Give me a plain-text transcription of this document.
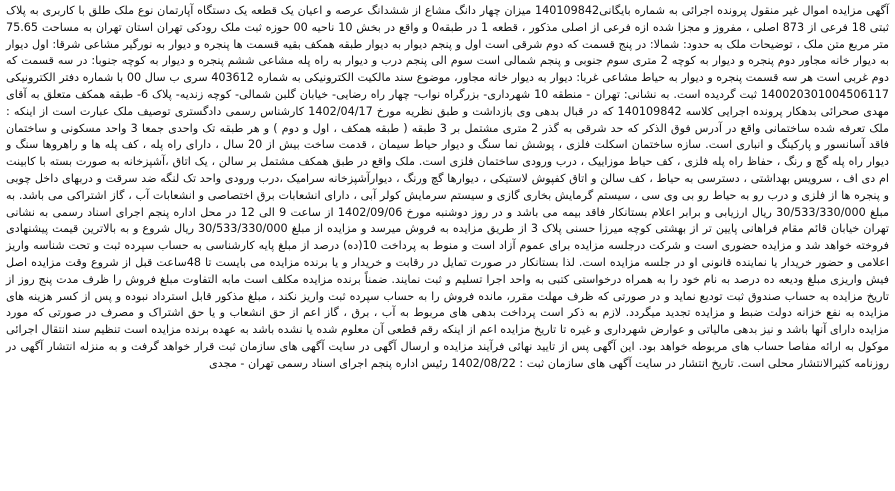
آگهی مزایده اموال غیر منقول پرونده اجرائی به شماره بایگانی140109842 میزان چهار دانگ مشاع از ششدانگ عرصه و اعیان یک قطعه یک دستگاه آپارتمان نوع ملک طلق با کاربری به پلاک ثبتی 18 فرعی از 873 اصلی ، مفروز و مجزا شده ازه فرعی از اصلی مذکور ، قطعه 1 در طبقه0 و واقع در بخش 10 ناحیه 00 حوزه ثبت ملک رودکی تهران استان تهران به مساحت 75.65 متر مربع متن ملک ، توضیحات ملک به حدود: شمالا: در پنج قسمت که دوم شرقی است اول و پنجم دیوار به دیوار طبقه همکف بقیه قسمت ها پنجره و دیوار به نورگیر مشاعی شرقا: اول دیوار به دیوار خانه مجاور دوم پنجره و دیوار به کوچه 2 متری سوم جنوبی و پنجم شمالی است سوم الی پنجم درب و دیوار به راه پله مشاعی ششم پنجره و دیوار به کوچه جنوبا: در سه قسمت که دوم غربی است هر سه قسمت پنجره و دیوار به حیاط مشاعی غربا: دیوار به دیوار خانه مجاور، موضوع سند مالکیت الکترونیکی به شماره 403612 سری ب سال 00 با شماره دفتر الکترونیکی 140020301004506117 ثبت گردیده است. به نشانی: تهران - منطقه 10 شهرداری- بزرگراه نواب- چهار راه رضایی- خیابان گلبن شمالی- کوچه زندیه- پلاک 6- طبقه همکف متعلق به آقای مهدی صحرائی بدهکار پرونده اجرایی کلاسه 140109842 که در قبال بدهی وی بازداشت و طبق نظریه مورخ 1402/04/17 کارشناس رسمی دادگستری توصیف ملک عبارت است از اینکه : ملک تعرفه شده ساختمانی واقع در آدرس فوق الذکر که حد شرقی به گذر 2 متری مشتمل بر 3 طبقه ( طبقه همکف ، اول و دوم ) و هر طبقه تک واحدی جمعا 3 واحد مسکونی و ساختمان فاقد آسانسور و پارکینگ و انباری است. سازه ساختمان اسکلت فلزی ، پوشش نما سنگ و دیوار حیاط سیمان ، قدمت ساخت بیش از 20 سال ، دارای راه پله ، کف پله ها و راهروها سنگ و دیوار راه پله گچ و رنگ ، حفاظ راه پله فلزی ، کف حیاط موزاییک ، درب ورودی ساختمان فلزی است. ملک واقع در طبق همکف مشتمل بر سالن ، یک اتاق ،آشپزخانه به صورت بسته با کابینت ام دی اف ، سرویس بهداشتی ، دسترسی به حیاط ، کف سالن و اتاق کفپوش لاستیکی ، دیوارها گچ ورنگ ، دیوارآشپزخانه سرامیک ،درب ورودی واحد تک لنگه ضد سرقت و دربهای داخل چوبی و پنجره ها از فلزی و درب رو به حیاط رو بی وی سی ، سیستم گرمایش بخاری گازی و سیستم سرمایش کولر آبی ، دارای انشعابات برق اختصاصی و انشعابات آب ، گاز اشتراکی می باشد. به مبلغ 30/533/330/000 ریال ارزیابی و برابر اعلام بستانکار فاقد بیمه می باشد و در روز دوشنبه مورخ 1402/09/06 از ساعت 9 الی 12 در محل اداره پنجم اجرای اسناد رسمی به نشانی تهران خیابان قائم مقام فراهانی پایین تر از بهشتی کوچه میرزا حسنی پلاک 3 از طریق مزایده به فروش میرسد و مزایده از مبلغ 30/533/330/000 ریال شروع و به بالاترین قیمت پیشنهادی فروخته خواهد شد و مزایده حضوری است و شرکت درجلسه مزایده برای عموم آزاد است و منوط به پرداخت 10(ده) درصد از مبلغ پایه کارشناسی به حساب سپرده ثبت و تحت شناسه واریز اعلامی و حضور خریدار یا نماینده قانونی او در جلسه مزایده است. لذا بستانکار در صورت تمایل در رقابت و خریدار و یا برنده مزایده می بایست تا 48ساعت قبل از شروع وقت مزایده اصل فیش واریزی مبلغ ودیعه ده درصد به نام خود را به همراه درخواستی کتبی به واحد اجرا تسلیم و ثبت نمایند. ضمناً برنده مزایده مکلف است مابه التفاوت مبلغ فروش را ظرف مدت پنج روز از تاریخ مزایده به حساب صندوق ثبت تودیع نماید و در صورتی که ظرف مهلت مقرر، مانده فروش را به حساب سپرده ثبت واریز نکند ، مبلغ مذکور قابل استرداد نبوده و پس از کسر هزینه های مزایده به نفع خزانه دولت ضبط و مزایده تجدید میگردد. لازم به ذکر است پرداخت بدهی های مربوط به آب ، برق ، گاز اعم از حق انشعاب و یا حق اشتراک و مصرف در صورتی که مورد مزایده دارای آنها باشد و نیز بدهی مالیاتی و عوارض شهرداری و غیره تا تاریخ مزایده اعم از اینکه رقم قطعی آن معلوم شده یا نشده باشد به عهده برنده مزایده است تنظیم سند انتقال اجرائی موکول به ارائه مفاصا حساب های مربوطه خواهد بود. این آگهی پس از تایید نهائی فرآیند مزایده و ارسال آگهی در سایت آگهی های سازمان ثبت قرار خواهد گرفت و به منزله انتشار آگهی در روزنامه کثیرالانتشار محلی است. تاریخ انتشار در سایت آگهی های سازمان ثبت : 1402/08/22 رئیس اداره پنجم اجرای اسناد رسمی تهران - مجدی
